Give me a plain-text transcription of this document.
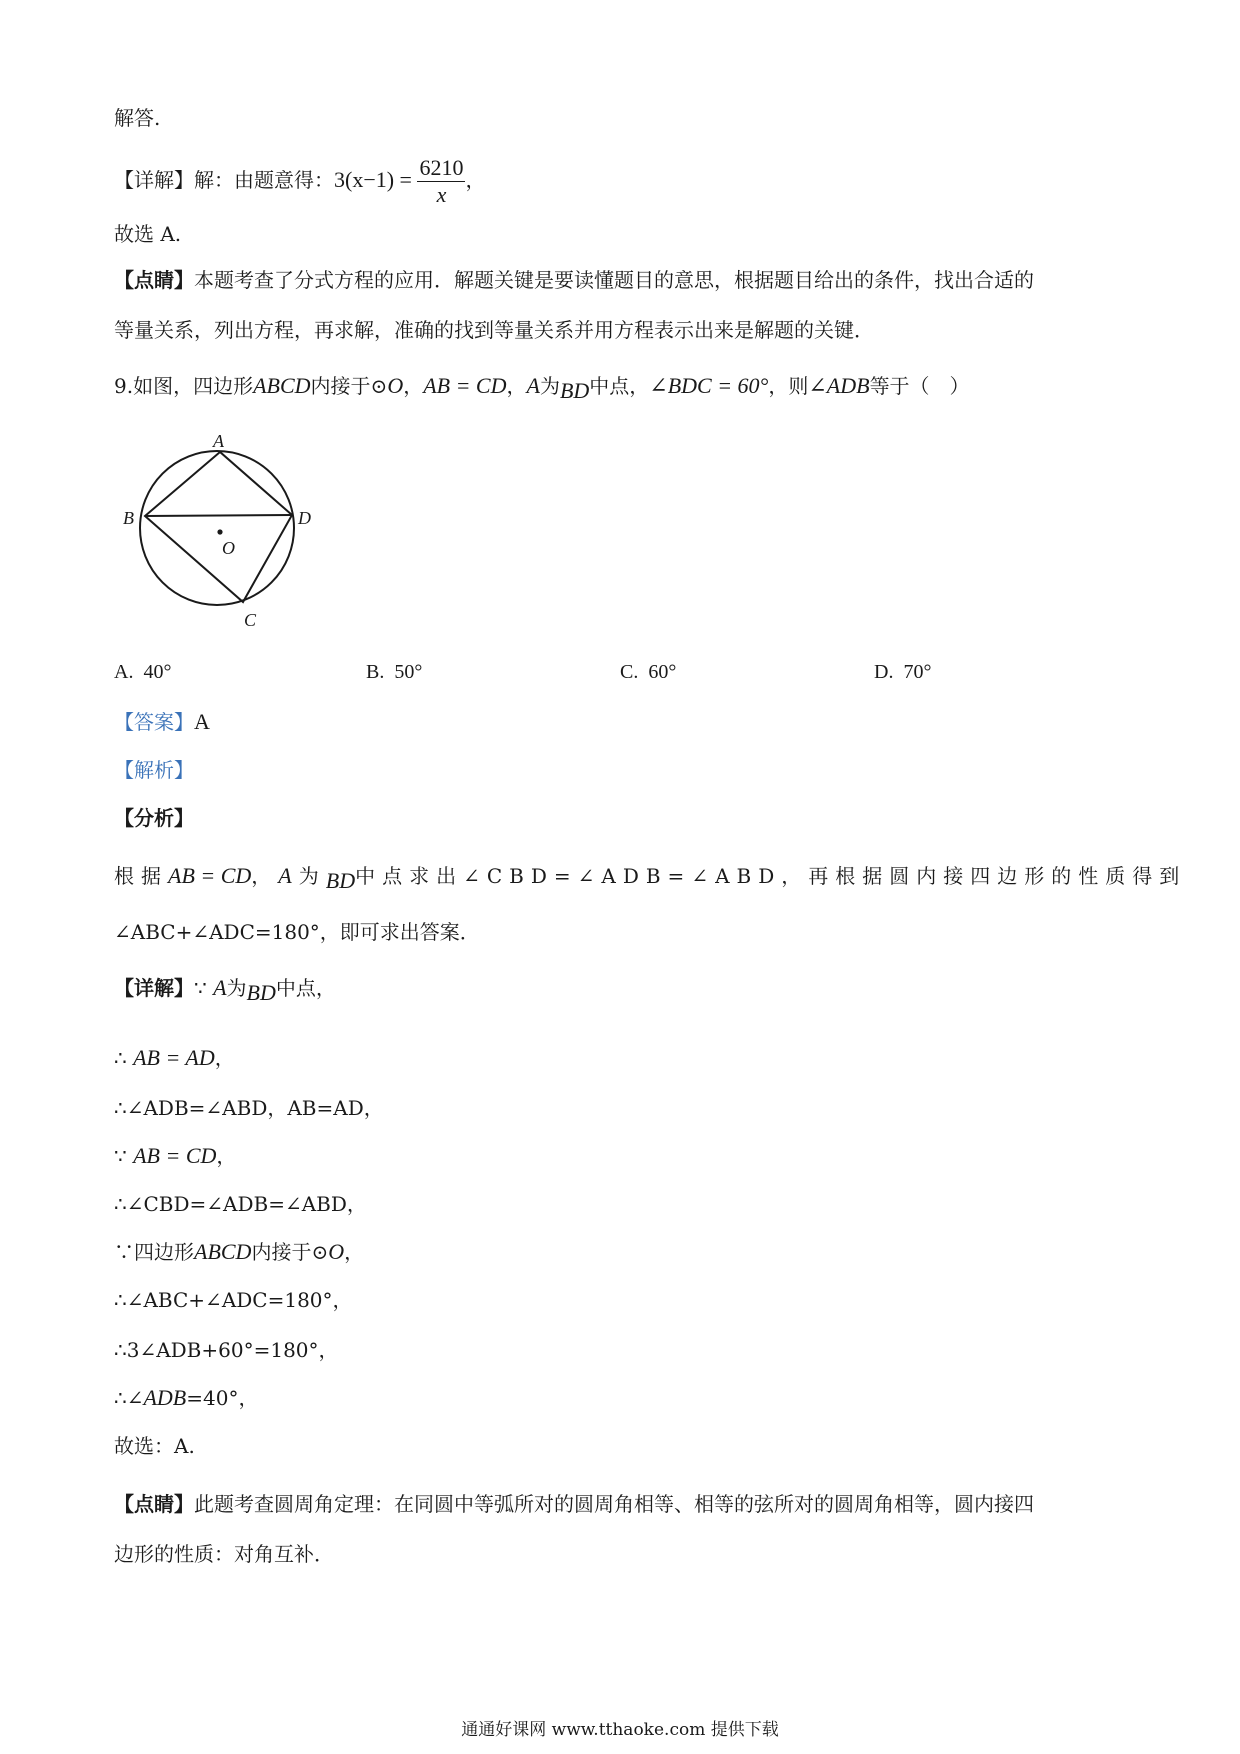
解答.
【详解】解：由题意得：$3(x-1) = \frac{6210}{x}$ ，
故选 A.
【点睛】本题考查了分式方程的应用．解题关键是要读懂题目的意思，根据题目给出的条件，找出合适的
等量关系，列出方程，再求解，准确的找到等量关系并用方程表示出来是解题的关键．
9.如图，四边形ABCD内接于⊙O，AB = CD，A为BD中点，∠BDC = 60°，则∠ADB等于（　）
A
B	D
O
C
A. 40°	B. 50°	C. 60°	D. 70°
【答案】A
【解析】
【分析】
根据AB = CD，A为BD中点求出∠CBD=∠ADB=∠ABD，再根据圆内接四边形的性质得到
∠ABC+∠ADC=180°，即可求出答案．
【详解】∵ A为BD中点，
∴ AB = AD，
∴∠ADB=∠ABD，AB=AD，
∵ AB = CD，
∴∠CBD=∠ADB=∠ABD，
∵四边形ABCD内接于⊙O，
∴∠ABC+∠ADC=180°，
∴3∠ADB+60°=180°，
∴∠ADB=40°，
故选：A.
【点睛】此题考查圆周角定理：在同圆中等弧所对的圆周角相等、相等的弦所对的圆周角相等，圆内接四
边形的性质：对角互补．
通通好课网 www.tthaoke.com 提供下载
